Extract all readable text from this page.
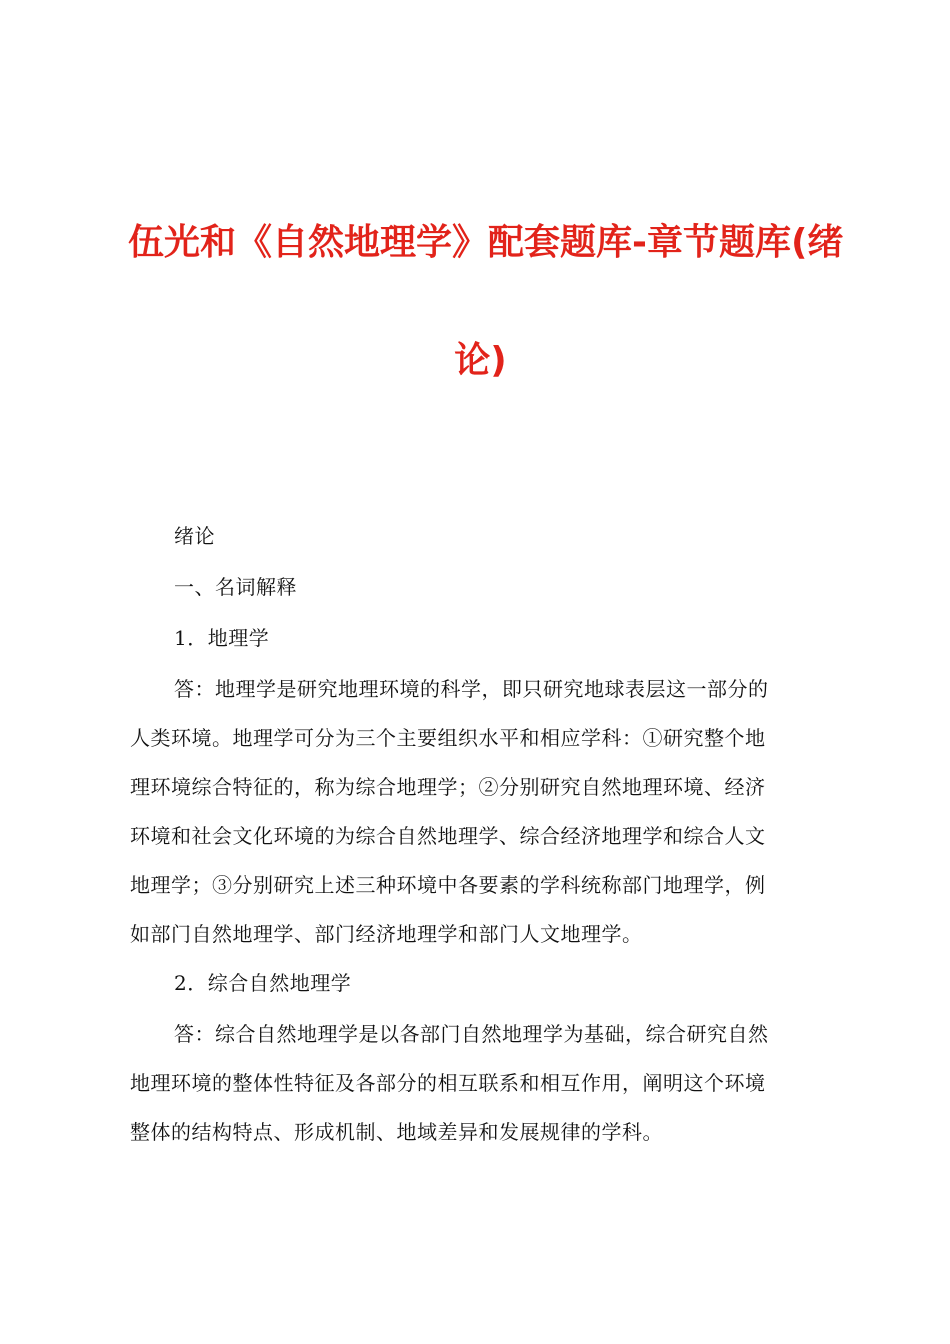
伍光和《自然地理学》配套题库-章节题库(绪
论)

绪论

一、名词解释

1．地理学

答：地理学是研究地理环境的科学，即只研究地球表层这一部分的
人类环境。地理学可分为三个主要组织水平和相应学科：①研究整个地
理环境综合特征的，称为综合地理学；②分别研究自然地理环境、经济
环境和社会文化环境的为综合自然地理学、综合经济地理学和综合人文
地理学；③分别研究上述三种环境中各要素的学科统称部门地理学，例
如部门自然地理学、部门经济地理学和部门人文地理学。

2．综合自然地理学

答：综合自然地理学是以各部门自然地理学为基础，综合研究自然
地理环境的整体性特征及各部分的相互联系和相互作用，阐明这个环境
整体的结构特点、形成机制、地域差异和发展规律的学科。
